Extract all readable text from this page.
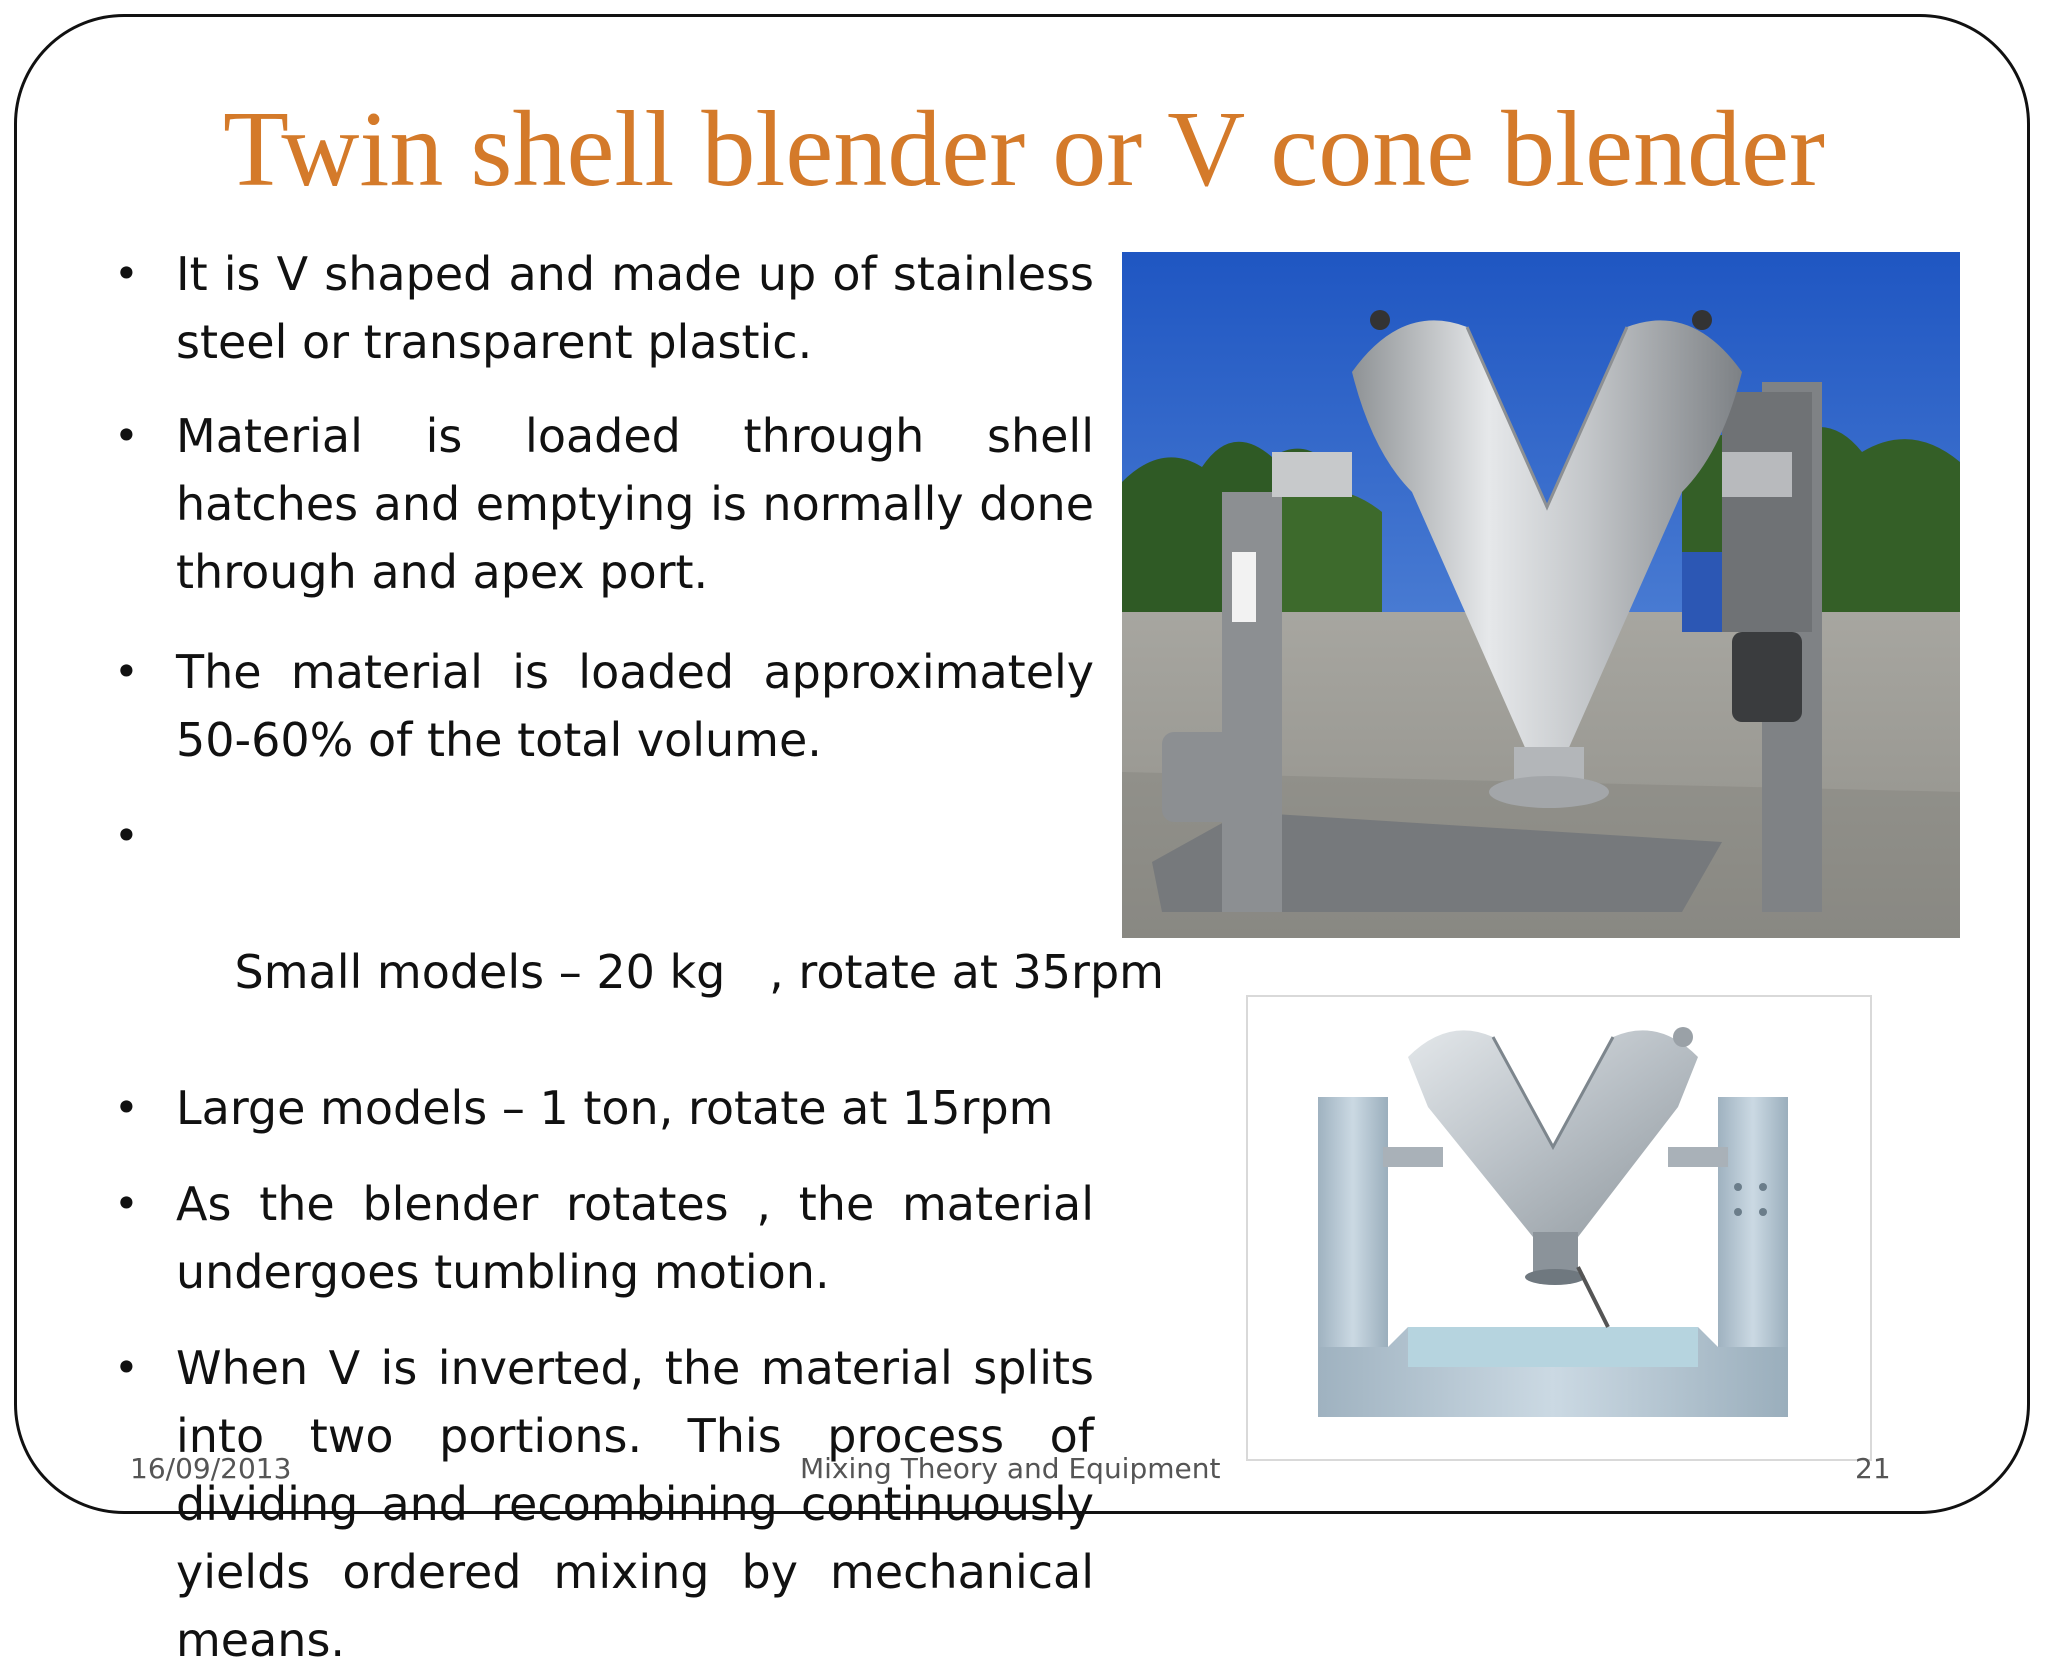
Twin shell blender or V cone blender
• It is V shaped and made up of stainless steel or transparent plastic.
• Material is loaded through shell hatches and emptying is normally done through and apex port.
• The material is loaded approximately 50-60% of the total volume.

•

Small models – 20 kg   , rotate at 35rpm

• Large models – 1 ton, rotate at 15rpm
• As the blender rotates , the material undergoes tumbling motion.
• When V is inverted, the material splits into two portions. This process of dividing and recombining continuously yields ordered mixing by mechanical means.
